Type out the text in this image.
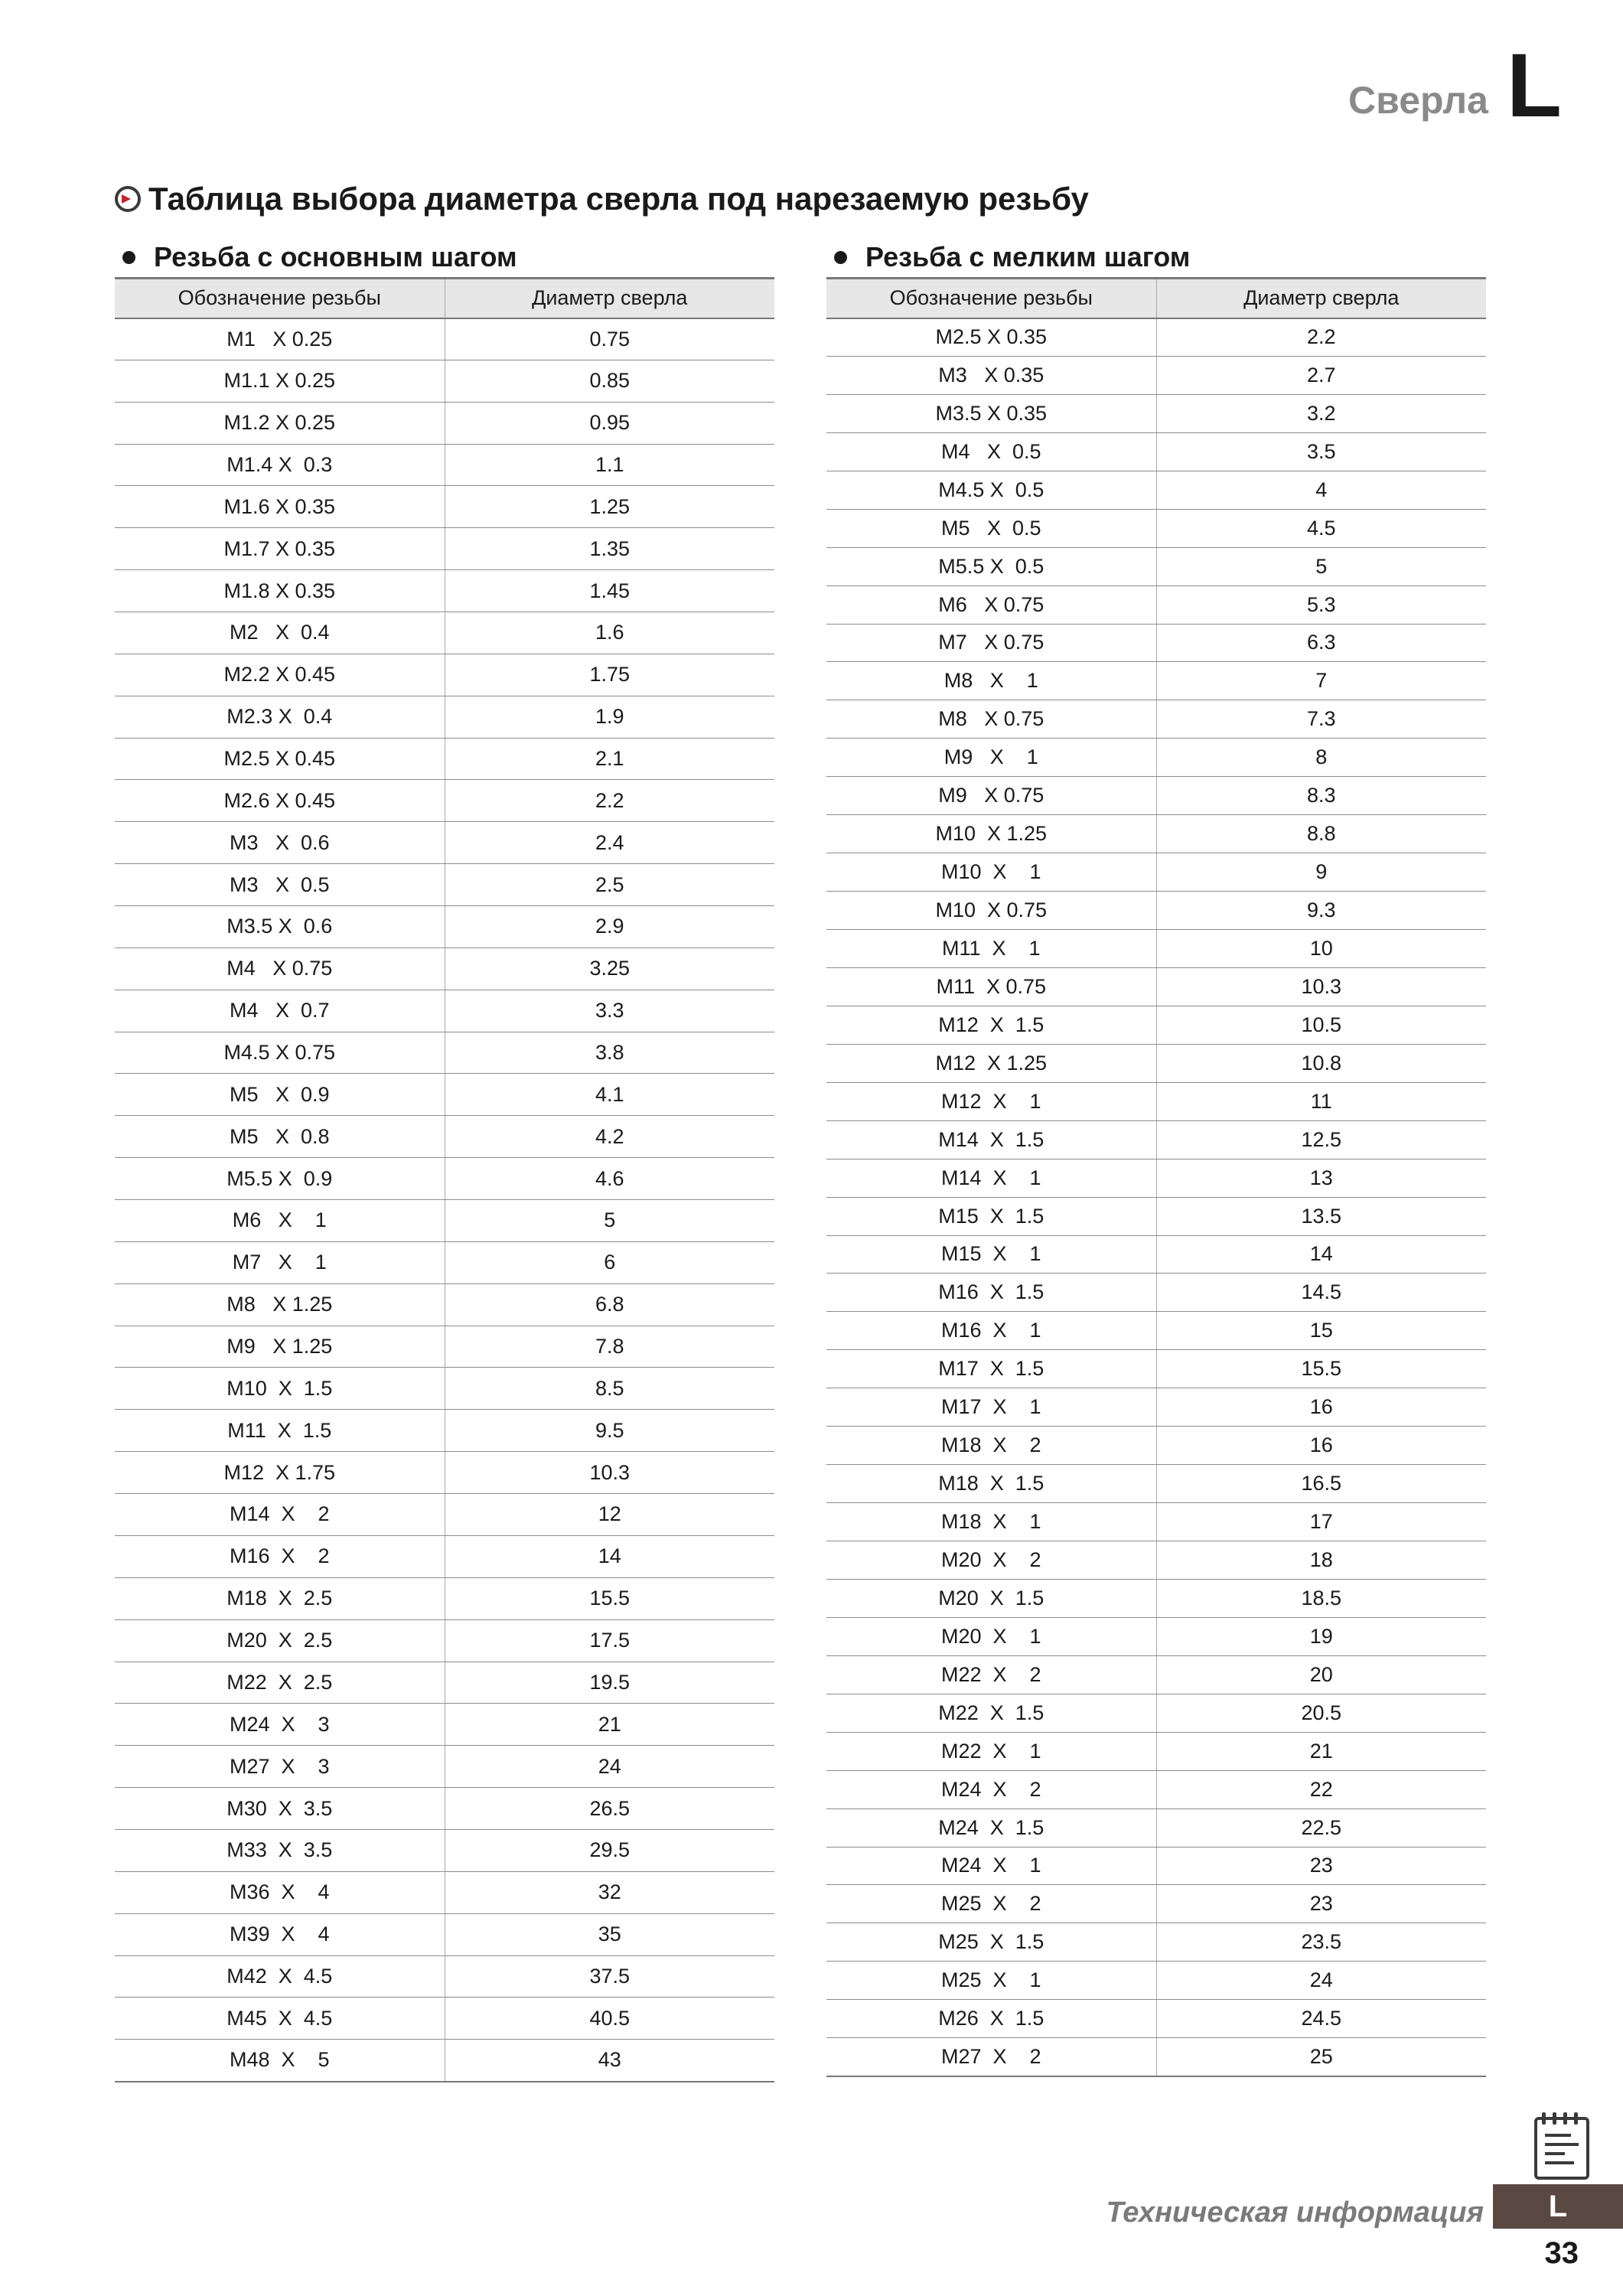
Сверла L
Таблица выбора диаметра сверла под нарезаемую резьбу
Резьба с основным шагом
Обозначение резьбы	Диаметр сверла
M1   X 0.25	0.75
M1.1 X 0.25	0.85
M1.2 X 0.25	0.95
M1.4 X  0.3	1.1
M1.6 X 0.35	1.25
M1.7 X 0.35	1.35
M1.8 X 0.35	1.45
M2   X  0.4	1.6
M2.2 X 0.45	1.75
M2.3 X  0.4	1.9
M2.5 X 0.45	2.1
M2.6 X 0.45	2.2
M3   X  0.6	2.4
M3   X  0.5	2.5
M3.5 X  0.6	2.9
M4   X 0.75	3.25
M4   X  0.7	3.3
M4.5 X 0.75	3.8
M5   X  0.9	4.1
M5   X  0.8	4.2
M5.5 X  0.9	4.6
M6   X    1	5
M7   X    1	6
M8   X 1.25	6.8
M9   X 1.25	7.8
M10  X  1.5	8.5
M11  X  1.5	9.5
M12  X 1.75	10.3
M14  X    2	12
M16  X    2	14
M18  X  2.5	15.5
M20  X  2.5	17.5
M22  X  2.5	19.5
M24  X    3	21
M27  X    3	24
M30  X  3.5	26.5
M33  X  3.5	29.5
M36  X    4	32
M39  X    4	35
M42  X  4.5	37.5
M45  X  4.5	40.5
M48  X    5	43
Резьба с мелким шагом
Обозначение резьбы	Диаметр сверла
M2.5 X 0.35	2.2
M3   X 0.35	2.7
M3.5 X 0.35	3.2
M4   X  0.5	3.5
M4.5 X  0.5	4
M5   X  0.5	4.5
M5.5 X  0.5	5
M6   X 0.75	5.3
M7   X 0.75	6.3
M8   X    1	7
M8   X 0.75	7.3
M9   X    1	8
M9   X 0.75	8.3
M10  X 1.25	8.8
M10  X    1	9
M10  X 0.75	9.3
M11  X    1	10
M11  X 0.75	10.3
M12  X  1.5	10.5
M12  X 1.25	10.8
M12  X    1	11
M14  X  1.5	12.5
M14  X    1	13
M15  X  1.5	13.5
M15  X    1	14
M16  X  1.5	14.5
M16  X    1	15
M17  X  1.5	15.5
M17  X    1	16
M18  X    2	16
M18  X  1.5	16.5
M18  X    1	17
M20  X    2	18
M20  X  1.5	18.5
M20  X    1	19
M22  X    2	20
M22  X  1.5	20.5
M22  X    1	21
M24  X    2	22
M24  X  1.5	22.5
M24  X    1	23
M25  X    2	23
M25  X  1.5	23.5
M25  X    1	24
M26  X  1.5	24.5
M27  X    2	25
Техническая информация	L
33
